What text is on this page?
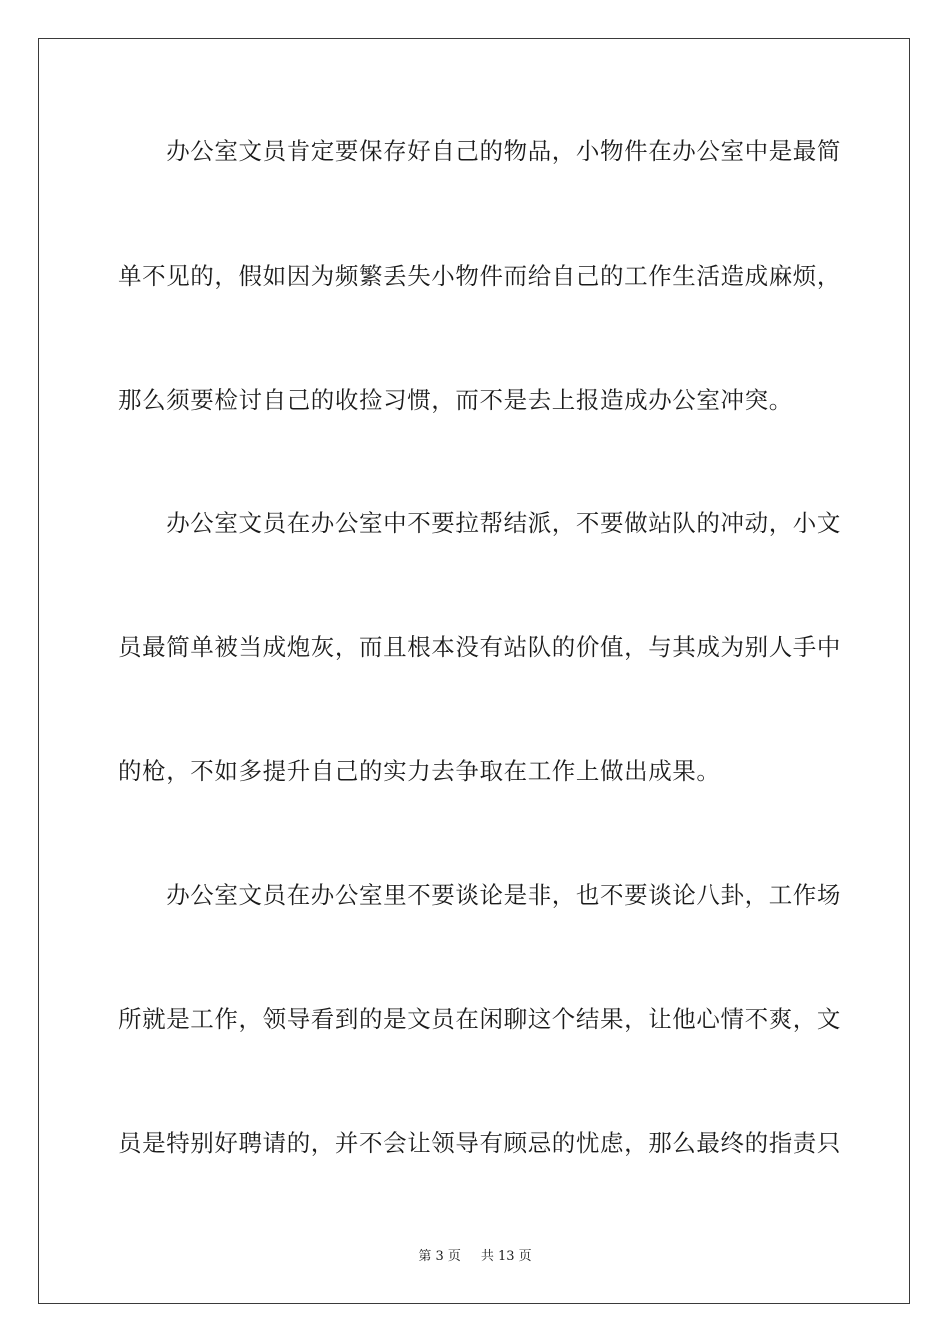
　　办公室文员肯定要保存好自己的物品，小物件在办公室中是最简

单不见的，假如因为频繁丢失小物件而给自己的工作生活造成麻烦，

那么须要检讨自己的收捡习惯，而不是去上报造成办公室冲突。

　　办公室文员在办公室中不要拉帮结派，不要做站队的冲动，小文

员最简单被当成炮灰，而且根本没有站队的价值，与其成为别人手中

的枪，不如多提升自己的实力去争取在工作上做出成果。

　　办公室文员在办公室里不要谈论是非，也不要谈论八卦，工作场

所就是工作，领导看到的是文员在闲聊这个结果，让他心情不爽，文

员是特别好聘请的，并不会让领导有顾忌的忧虑，那么最终的指责只

第 3 页 共 13 页
